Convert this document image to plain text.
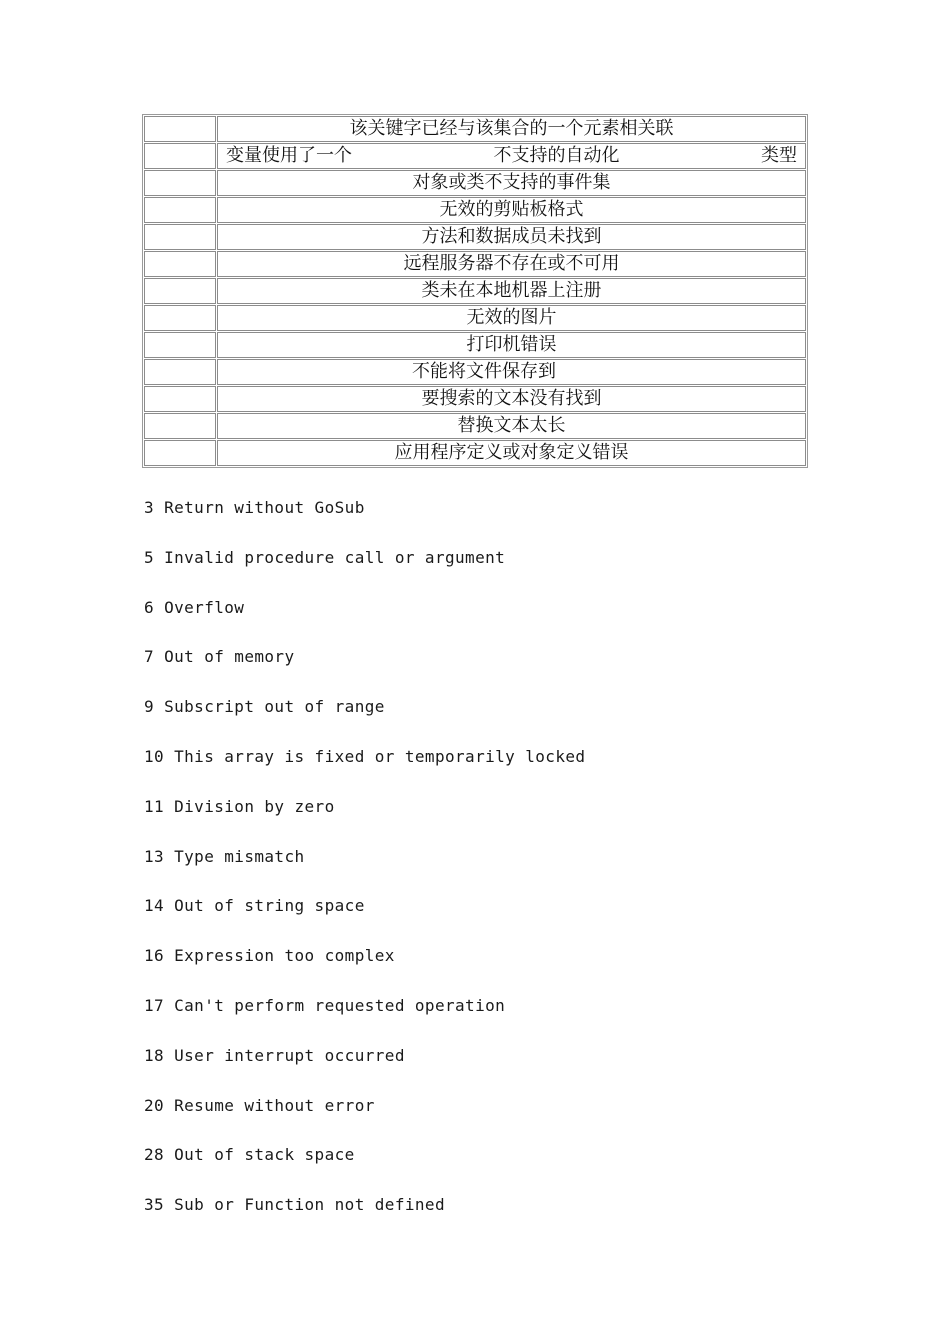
	该关键字已经与该集合的一个元素相关联

	变量使用了一个 不支持的自动化 类型

	对象或类不支持的事件集
	无效的剪贴板格式
	方法和数据成员未找到
	远程服务器不存在或不可用
	类未在本地机器上注册
	无效的图片
	打印机错误
	不能将文件保存到
	要搜索的文本没有找到
	替换文本太长
	应用程序定义或对象定义错误
3 Return without GoSub
5 Invalid procedure call or argument
6 Overflow
7 Out of memory
9 Subscript out of range
10 This array is fixed or temporarily locked
11 Division by zero
13 Type mismatch
14 Out of string space
16 Expression too complex
17 Can't perform requested operation
18 User interrupt occurred
20 Resume without error
28 Out of stack space
35 Sub or Function not defined
